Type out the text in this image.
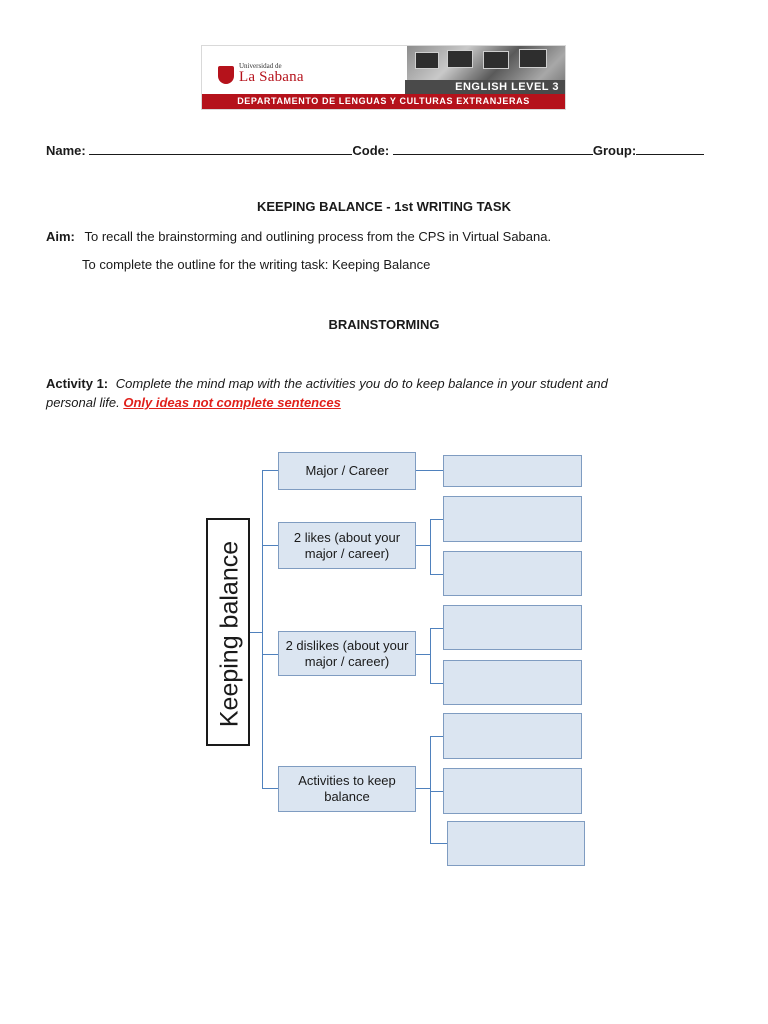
Universidad de
La Sabana
ENGLISH LEVEL 3
DEPARTAMENTO DE LENGUAS Y CULTURAS EXTRANJERAS
Name:	Code:	Group:
KEEPING BALANCE - 1st WRITING TASK
Aim: To recall the brainstorming and outlining process from the CPS in Virtual Sabana.
To complete the outline for the writing task: Keeping Balance
BRAINSTORMING
Activity 1: Complete the mind map with the activities you do to keep balance in your student and
personal life. Only ideas not complete sentences
Keeping balance
Major / Career
2 likes (about your major / career)
2 dislikes (about your major / career)
Activities to keep balance
